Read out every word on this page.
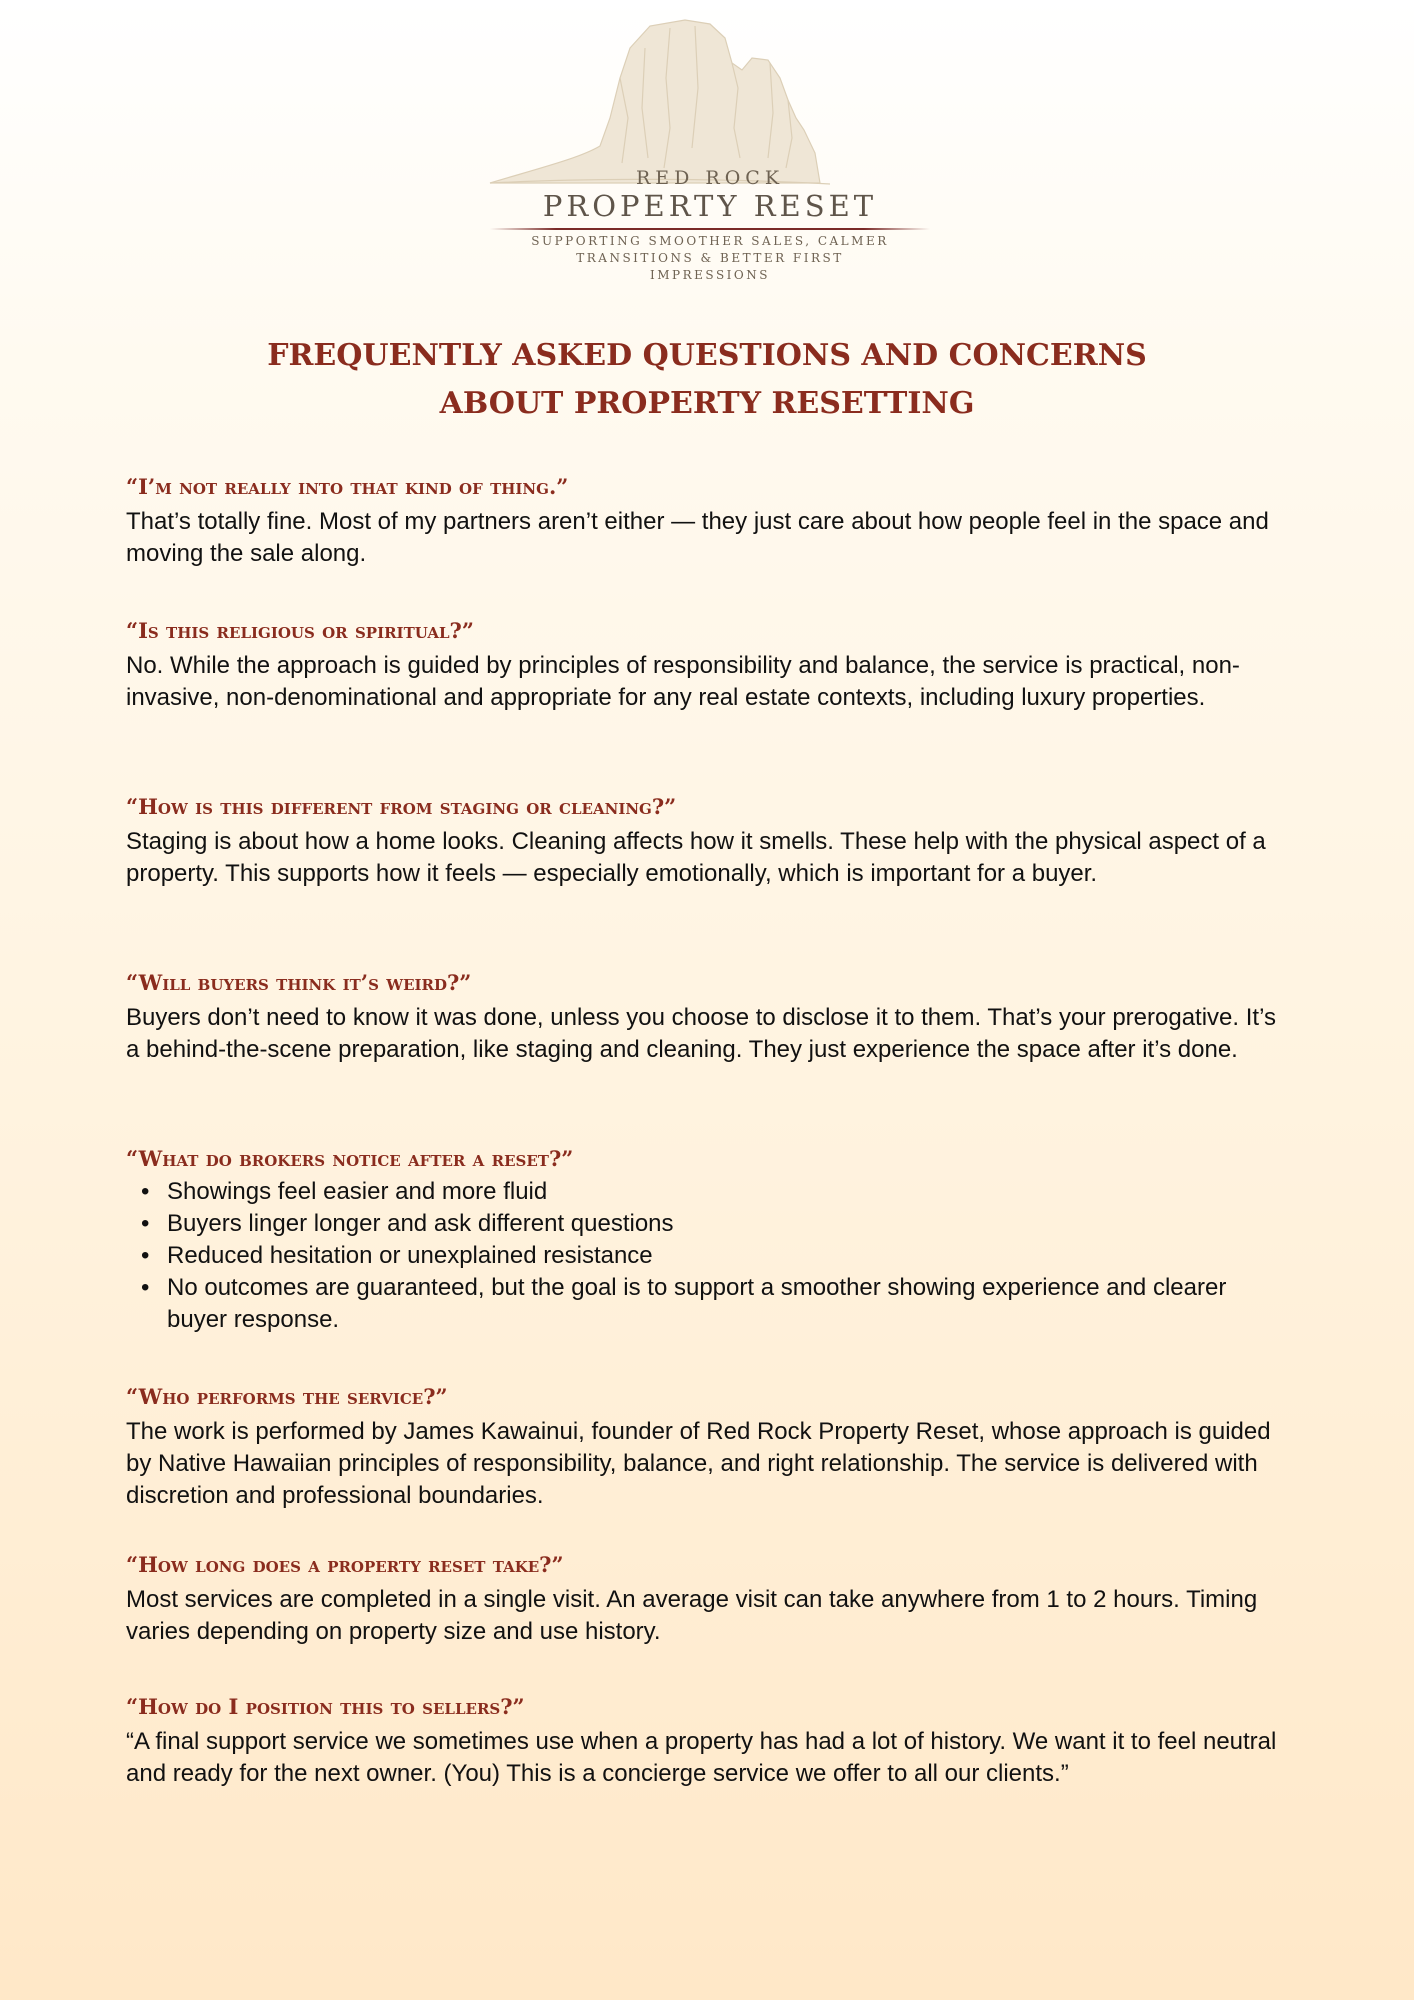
RED ROCK
PROPERTY RESET
SUPPORTING SMOOTHER SALES, CALMER TRANSITIONS & BETTER FIRST IMPRESSIONS
FREQUENTLY ASKED QUESTIONS AND CONCERNS
ABOUT PROPERTY RESETTING
“I’m not really into that kind of thing.”

That’s totally fine. Most of my partners aren’t either — they just care about how people feel in the space and moving the sale along.

“Is this religious or spiritual?”

No. While the approach is guided by principles of responsibility and balance, the service is practical, non-invasive, non-denominational and appropriate for any real estate contexts, including luxury properties.

“How is this different from staging or cleaning?”

Staging is about how a home looks. Cleaning affects how it smells. These help with the physical aspect of a property. This supports how it feels — especially emotionally, which is important for a buyer.

“Will buyers think it’s weird?”

Buyers don’t need to know it was done, unless you choose to disclose it to them. That’s your prerogative. It’s a behind-the-scene preparation, like staging and cleaning. They just experience the space after it’s done.

“What do brokers notice after a reset?”
• Showings feel easier and more fluid
• Buyers linger longer and ask different questions
• Reduced hesitation or unexplained resistance
• No outcomes are guaranteed, but the goal is to support a smoother showing experience and clearer buyer response.
“Who performs the service?”

The work is performed by James Kawainui, founder of Red Rock Property Reset, whose approach is guided by Native Hawaiian principles of responsibility, balance, and right relationship. The service is delivered with discretion and professional boundaries.

“How long does a property reset take?”

Most services are completed in a single visit. An average visit can take anywhere from 1 to 2 hours. Timing varies depending on property size and use history.

“How do I position this to sellers?”

“A final support service we sometimes use when a property has had a lot of history. We want it to feel neutral and ready for the next owner. (You) This is a concierge service we offer to all our clients.”
